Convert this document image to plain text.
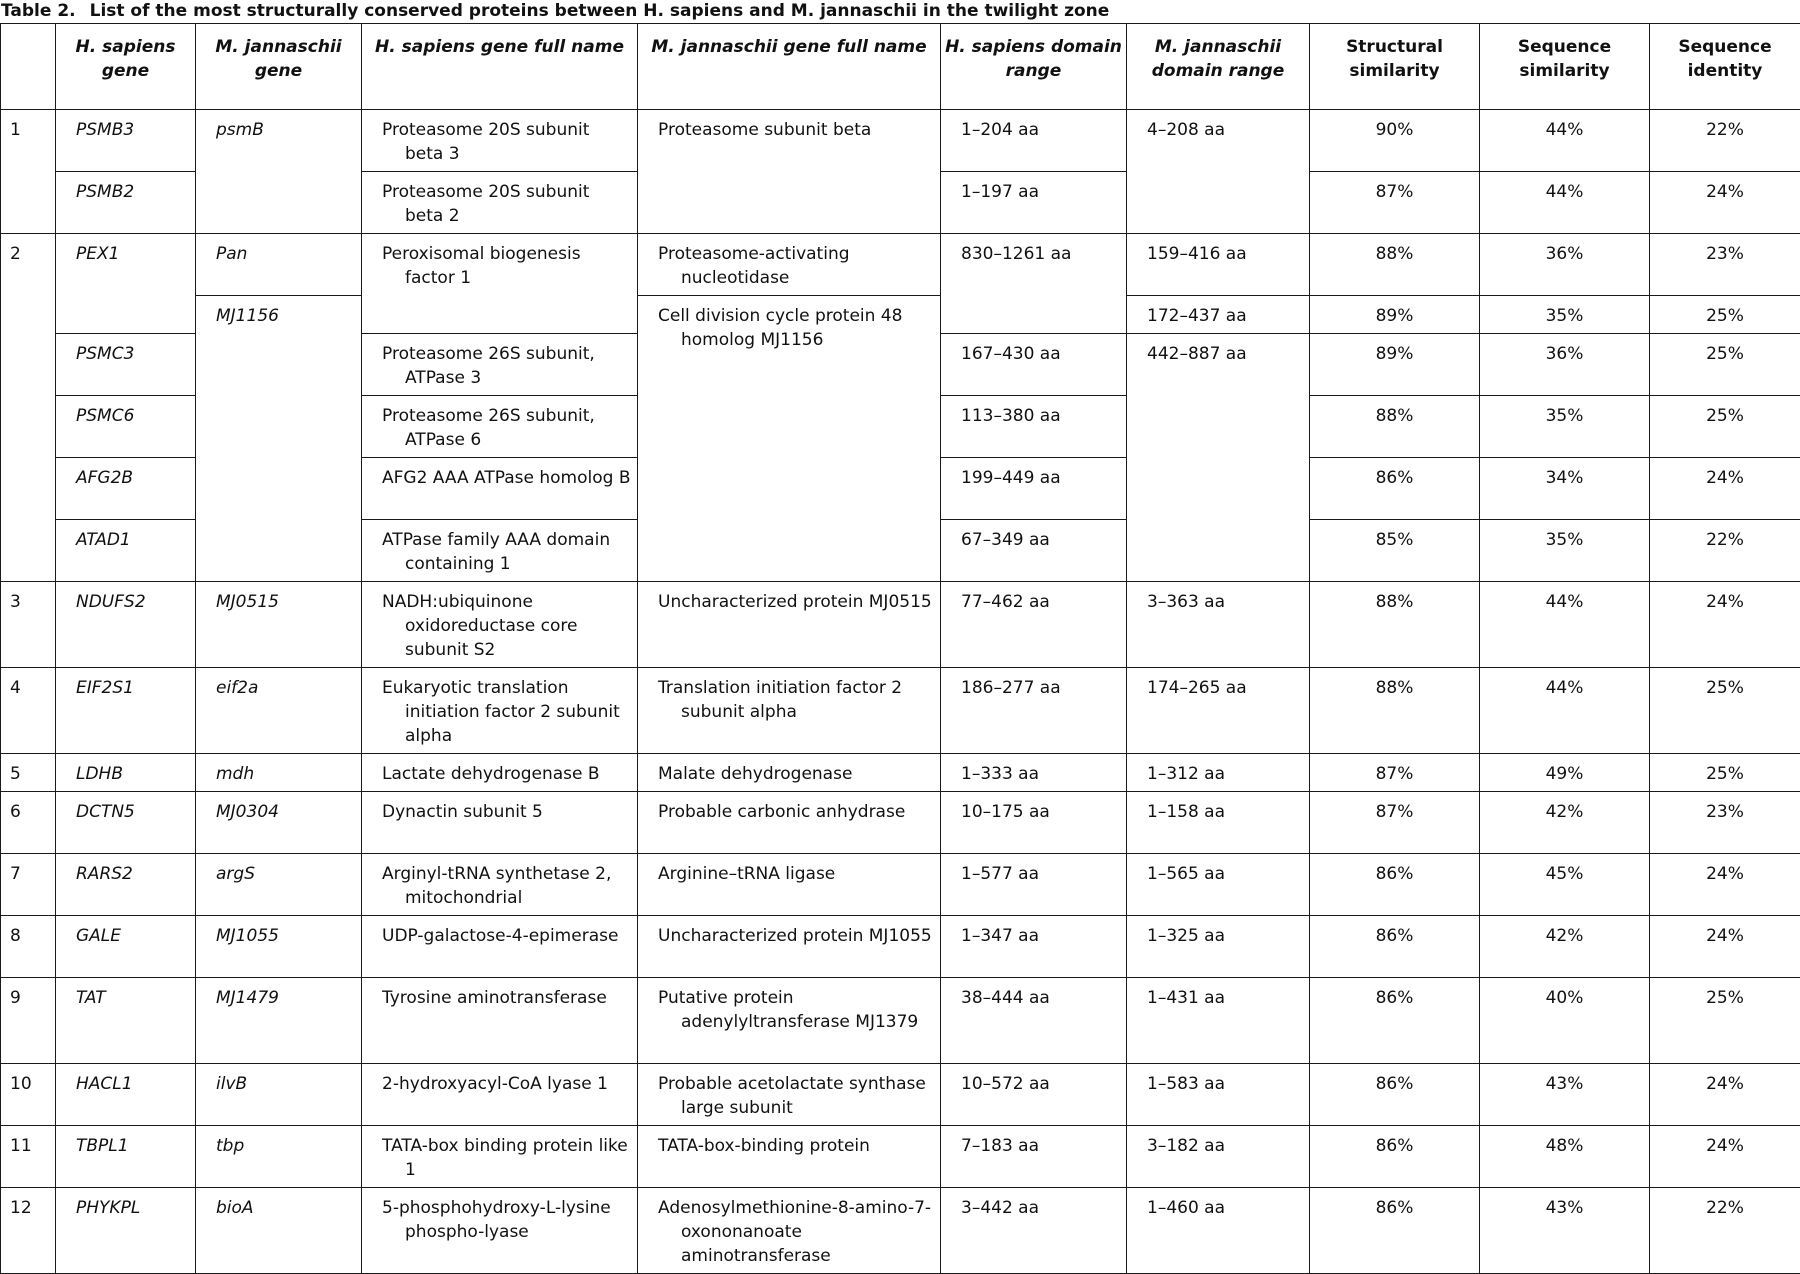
Table 2. List of the most structurally conserved proteins between H. sapiens and M. jannaschii in the twilight zone
	H. sapiens gene	M. jannaschii gene	H. sapiens gene full name	M. jannaschii gene full name	H. sapiens domain range	M. jannaschii domain range	Structural similarity	Sequence similarity	Sequence identity
1	PSMB3	psmB	Proteasome 20S subunit beta 3	Proteasome subunit beta	1–204 aa	4–208 aa	90%	44%	22%
	PSMB2		Proteasome 20S subunit beta 2		1–197 aa		87%	44%	24%
2	PEX1	Pan	Peroxisomal biogenesis factor 1	Proteasome-activating nucleotidase	830–1261 aa	159–416 aa	88%	36%	23%
		MJ1156		Cell division cycle protein 48 homolog MJ1156		172–437 aa	89%	35%	25%
	PSMC3		Proteasome 26S subunit, ATPase 3		167–430 aa	442–887 aa	89%	36%	25%
	PSMC6		Proteasome 26S subunit, ATPase 6		113–380 aa		88%	35%	25%
	AFG2B		AFG2 AAA ATPase homolog B		199–449 aa		86%	34%	24%
	ATAD1		ATPase family AAA domain containing 1		67–349 aa		85%	35%	22%
3	NDUFS2	MJ0515	NADH:ubiquinone oxidoreductase core subunit S2	Uncharacterized protein MJ0515	77–462 aa	3–363 aa	88%	44%	24%
4	EIF2S1	eif2a	Eukaryotic translation initiation factor 2 subunit alpha	Translation initiation factor 2 subunit alpha	186–277 aa	174–265 aa	88%	44%	25%
5	LDHB	mdh	Lactate dehydrogenase B	Malate dehydrogenase	1–333 aa	1–312 aa	87%	49%	25%
6	DCTN5	MJ0304	Dynactin subunit 5	Probable carbonic anhydrase	10–175 aa	1–158 aa	87%	42%	23%
7	RARS2	argS	Arginyl-tRNA synthetase 2, mitochondrial	Arginine–tRNA ligase	1–577 aa	1–565 aa	86%	45%	24%
8	GALE	MJ1055	UDP-galactose-4-epimerase	Uncharacterized protein MJ1055	1–347 aa	1–325 aa	86%	42%	24%
9	TAT	MJ1479	Tyrosine aminotransferase	Putative protein adenylyltransferase MJ1379	38–444 aa	1–431 aa	86%	40%	25%
10	HACL1	ilvB	2-hydroxyacyl-CoA lyase 1	Probable acetolactate synthase large subunit	10–572 aa	1–583 aa	86%	43%	24%
11	TBPL1	tbp	TATA-box binding protein like 1	TATA-box-binding protein	7–183 aa	3–182 aa	86%	48%	24%
12	PHYKPL	bioA	5-phosphohydroxy-L-lysine phospho-lyase	Adenosylmethionine-8-amino-7-oxononanoate aminotransferase	3–442 aa	1–460 aa	86%	43%	22%
